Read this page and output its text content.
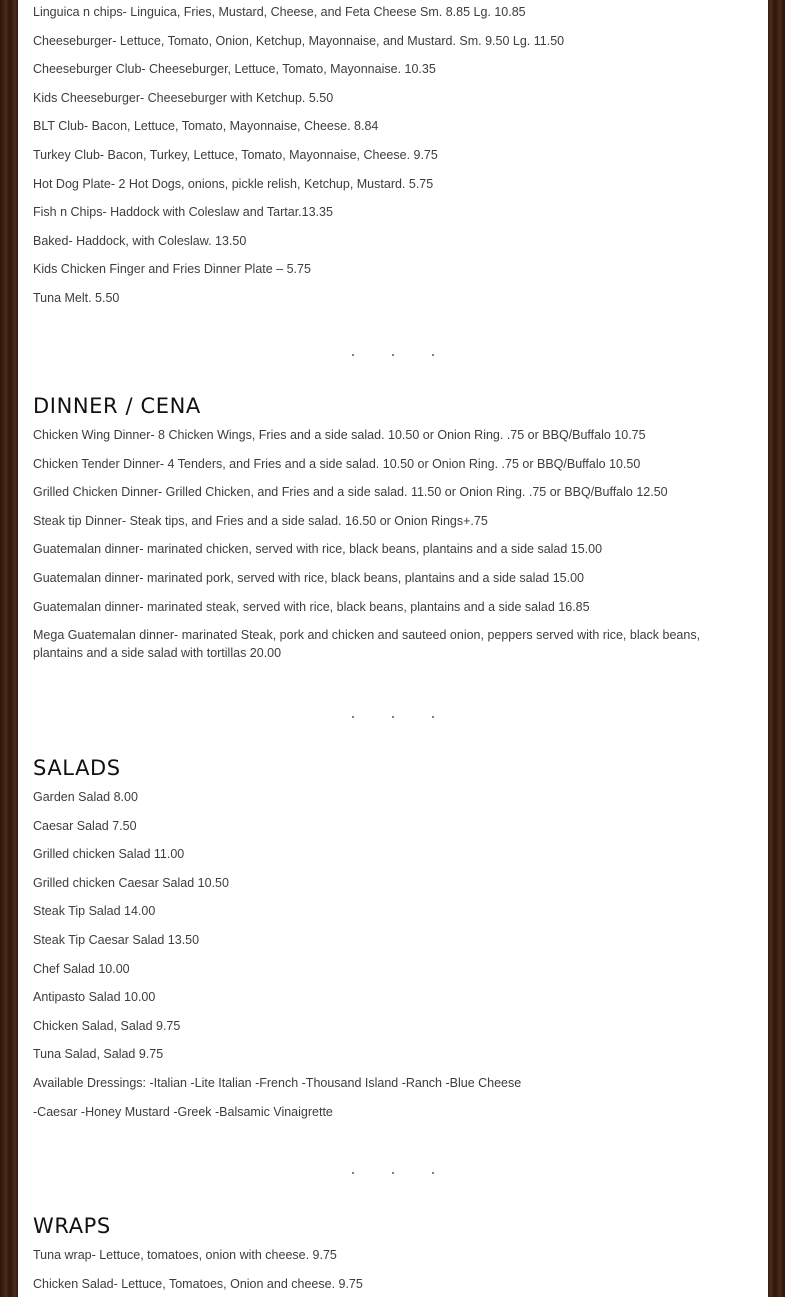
Linguica n chips- Linguica, Fries, Mustard, Cheese, and Feta Cheese Sm. 8.85 Lg. 10.85

Cheeseburger- Lettuce, Tomato, Onion, Ketchup, Mayonnaise, and Mustard. Sm. 9.50 Lg. 11.50

Cheeseburger Club- Cheeseburger, Lettuce, Tomato, Mayonnaise. 10.35

Kids Cheeseburger- Cheeseburger with Ketchup. 5.50

BLT Club- Bacon, Lettuce, Tomato, Mayonnaise, Cheese. 8.84

Turkey Club- Bacon, Turkey, Lettuce, Tomato, Mayonnaise, Cheese. 9.75

Hot Dog Plate- 2 Hot Dogs, onions, pickle relish, Ketchup, Mustard. 5.75

Fish n Chips- Haddock with Coleslaw and Tartar.13.35

Baked- Haddock, with Coleslaw. 13.50

Kids Chicken Finger and Fries Dinner Plate – 5.75

Tuna Melt. 5.50

DINNER / CENA

Chicken Wing Dinner- 8 Chicken Wings, Fries and a side salad. 10.50 or Onion Ring. .75 or BBQ/Buffalo 10.75

Chicken Tender Dinner- 4 Tenders, and Fries and a side salad. 10.50 or Onion Ring. .75 or BBQ/Buffalo 10.50

Grilled Chicken Dinner- Grilled Chicken, and Fries and a side salad. 11.50 or Onion Ring. .75 or BBQ/Buffalo 12.50

Steak tip Dinner- Steak tips, and Fries and a side salad. 16.50 or Onion Rings+.75

Guatemalan dinner- marinated chicken, served with rice, black beans, plantains and a side salad 15.00

Guatemalan dinner- marinated pork, served with rice, black beans, plantains and a side salad 15.00

Guatemalan dinner- marinated steak, served with rice, black beans, plantains and a side salad 16.85

Mega Guatemalan dinner- marinated Steak, pork and chicken and sauteed onion, peppers served with rice, black beans, plantains and a side salad with tortillas 20.00

SALADS

Garden Salad 8.00

Caesar Salad 7.50

Grilled chicken Salad 11.00

Grilled chicken Caesar Salad 10.50

Steak Tip Salad 14.00

Steak Tip Caesar Salad 13.50

Chef Salad 10.00

Antipasto Salad 10.00

Chicken Salad, Salad 9.75

Tuna Salad, Salad 9.75

Available Dressings: -Italian -Lite Italian -French -Thousand Island -Ranch -Blue Cheese

-Caesar -Honey Mustard -Greek -Balsamic Vinaigrette

WRAPS

Tuna wrap- Lettuce, tomatoes, onion with cheese. 9.75

Chicken Salad- Lettuce, Tomatoes, Onion and cheese. 9.75
